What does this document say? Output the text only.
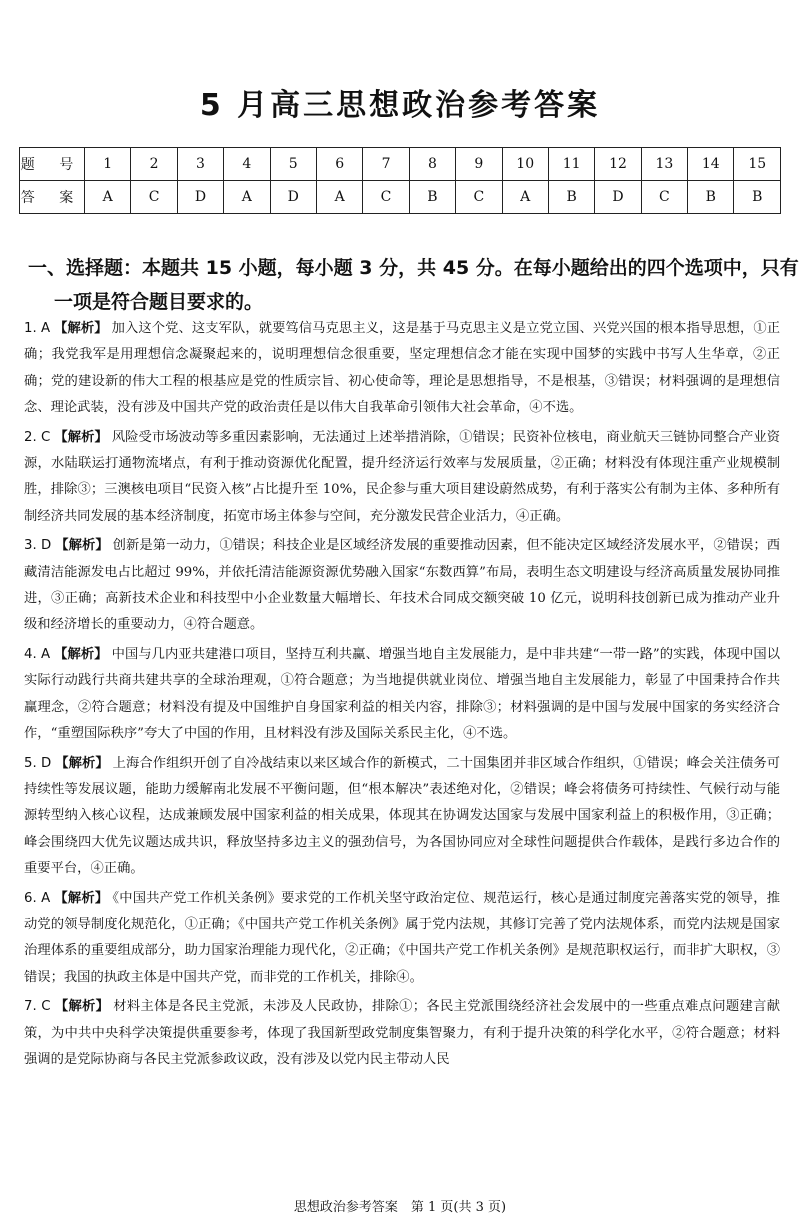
5 月高三思想政治参考答案
题 号	1	2	3	4	5	6	7	8	9	10	11	12	13	14	15
答 案	A	C	D	A	D	A	C	B	C	A	B	D	C	B	B

一、选择题：本题共 15 小题，每小题 3 分，共 45 分。在每小题给出的四个选项中，只有一项是符合题目要求的。

1. A 【解析】 加入这个党、这支军队，就要笃信马克思主义，这是基于马克思主义是立党立国、兴党兴国的根本指导思想，①正确；我党我军是用理想信念凝聚起来的，说明理想信念很重要，坚定理想信念才能在实现中国梦的实践中书写人生华章，②正确；党的建设新的伟大工程的根基应是党的性质宗旨、初心使命等，理论是思想指导，不是根基，③错误；材料强调的是理想信念、理论武装，没有涉及中国共产党的政治责任是以伟大自我革命引领伟大社会革命，④不选。

2. C 【解析】 风险受市场波动等多重因素影响，无法通过上述举措消除，①错误；民资补位核电，商业航天三链协同整合产业资源，水陆联运打通物流堵点，有利于推动资源优化配置，提升经济运行效率与发展质量，②正确；材料没有体现注重产业规模制胜，排除③；三澳核电项目“民资入核”占比提升至 10%，民企参与重大项目建设蔚然成势，有利于落实公有制为主体、多种所有制经济共同发展的基本经济制度，拓宽市场主体参与空间，充分激发民营企业活力，④正确。

3. D 【解析】 创新是第一动力，①错误；科技企业是区域经济发展的重要推动因素，但不能决定区域经济发展水平，②错误；西藏清洁能源发电占比超过 99%，并依托清洁能源资源优势融入国家“东数西算”布局，表明生态文明建设与经济高质量发展协同推进，③正确；高新技术企业和科技型中小企业数量大幅增长、年技术合同成交额突破 10 亿元，说明科技创新已成为推动产业升级和经济增长的重要动力，④符合题意。

4. A 【解析】 中国与几内亚共建港口项目，坚持互利共赢、增强当地自主发展能力，是中非共建“一带一路”的实践，体现中国以实际行动践行共商共建共享的全球治理观，①符合题意；为当地提供就业岗位、增强当地自主发展能力，彰显了中国秉持合作共赢理念，②符合题意；材料没有提及中国维护自身国家利益的相关内容，排除③；材料强调的是中国与发展中国家的务实经济合作，“重塑国际秩序”夸大了中国的作用，且材料没有涉及国际关系民主化，④不选。

5. D 【解析】 上海合作组织开创了自冷战结束以来区域合作的新模式，二十国集团并非区域合作组织，①错误；峰会关注债务可持续性等发展议题，能助力缓解南北发展不平衡问题，但“根本解决”表述绝对化，②错误；峰会将债务可持续性、气候行动与能源转型纳入核心议程，达成兼顾发展中国家利益的相关成果，体现其在协调发达国家与发展中国家利益上的积极作用，③正确；峰会围绕四大优先议题达成共识，释放坚持多边主义的强劲信号，为各国协同应对全球性问题提供合作载体，是践行多边合作的重要平台，④正确。

6. A 【解析】 《中国共产党工作机关条例》要求党的工作机关坚守政治定位、规范运行，核心是通过制度完善落实党的领导，推动党的领导制度化规范化，①正确；《中国共产党工作机关条例》属于党内法规，其修订完善了党内法规体系，而党内法规是国家治理体系的重要组成部分，助力国家治理能力现代化，②正确；《中国共产党工作机关条例》是规范职权运行，而非扩大职权，③错误；我国的执政主体是中国共产党，而非党的工作机关，排除④。

7. C 【解析】 材料主体是各民主党派，未涉及人民政协，排除①；各民主党派围绕经济社会发展中的一些重点难点问题建言献策，为中共中央科学决策提供重要参考，体现了我国新型政党制度集智聚力，有利于提升决策的科学化水平，②符合题意；材料强调的是党际协商与各民主党派参政议政，没有涉及以党内民主带动人民

思想政治参考答案　第 1 页(共 3 页)
